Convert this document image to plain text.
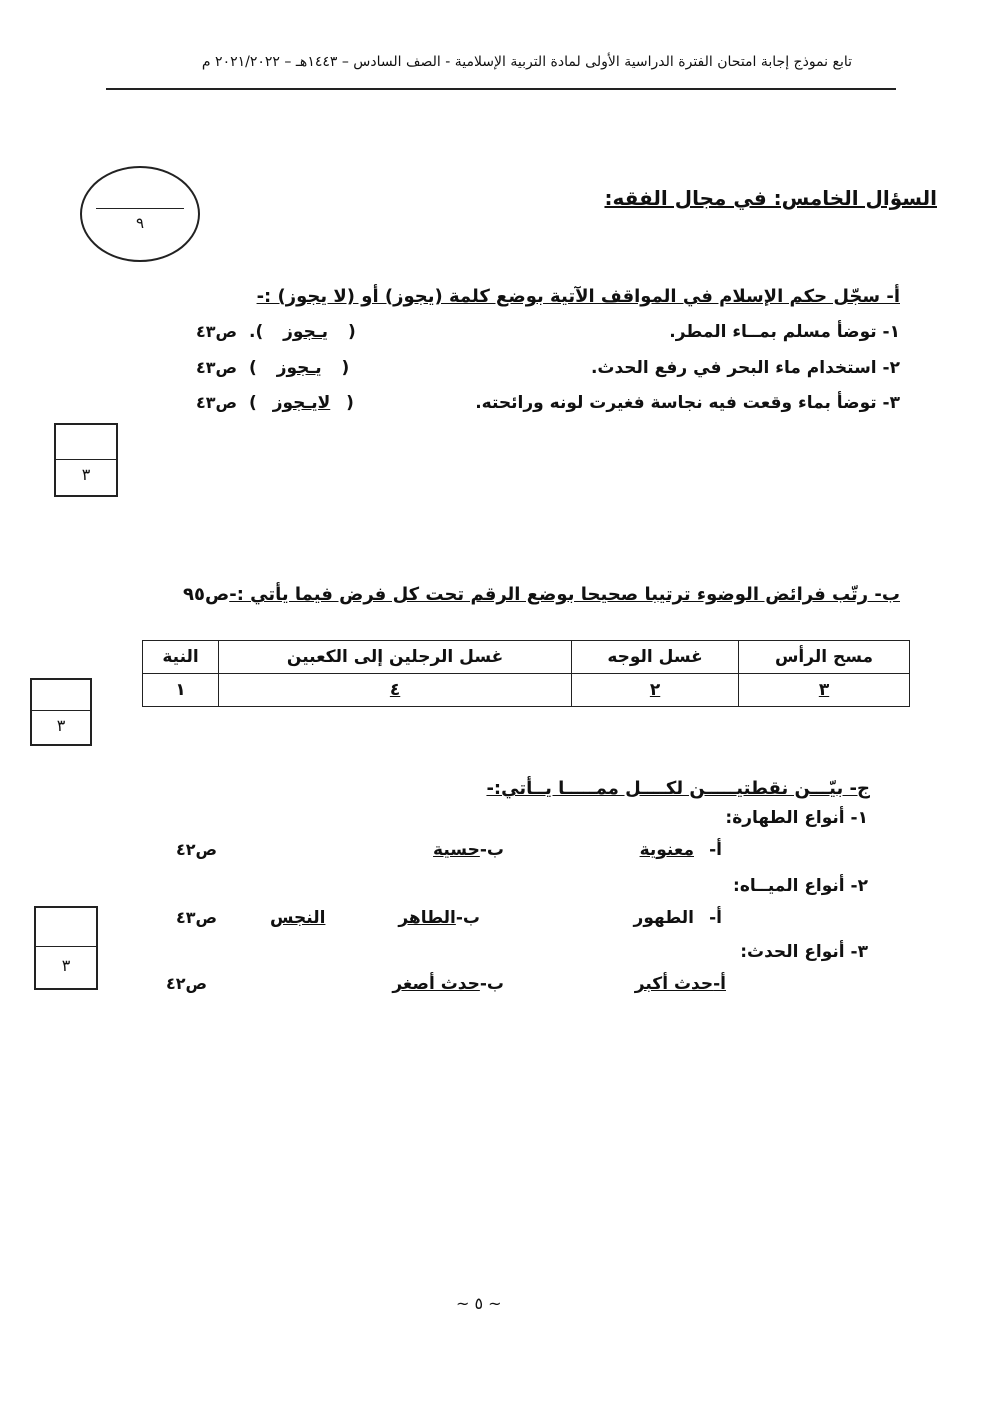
تابع نموذج إجابة امتحان الفترة الدراسية الأولى لمادة التربية الإسلامية - الصف السادس – ١٤٤٣هـ – ٢٠٢١/٢٠٢٢ م
السؤال الخامس: في مجال الفقه:
٩
أ- سجّل حكم الإسلام في المواقف الآتية بوضع كلمة (يجوز) أو (لا يجوز) :-
١- توضأ مسلم بمــاء المطر.
( يـجوز ). ص٤٣
٢- استخدام ماء البحر في رفع الحدث.
( يـجوز ) ص٤٣
٣- توضأ بماء وقعت فيه نجاسة فغيرت لونه ورائحته.
( لايـجوز ) ص٤٣
٣
ب- رتّب فرائض الوضوء ترتيبا صحيحا بوضع الرقم تحت كل فرض فيما يأتي :-ص٩٥
مسح الرأس	غسل الوجه	غسل الرجلين إلى الكعبين	النية
٣	٢	٤	١
٣
ج- بيّـــن نقطتيـــــن لكــــل ممـــــا يــأتي:-
١- أنواع الطهارة:
أ-
معنوية
ب-حسية
ص٤٢
٢- أنواع الميــاه:
أ-
الطهور
ب-الطاهر
النجس
ص٤٣
٣- أنواع الحدث:
أ-حدث أكبر
ب-حدث أصغر
ص٤٢
٣
~ ٥ ~
